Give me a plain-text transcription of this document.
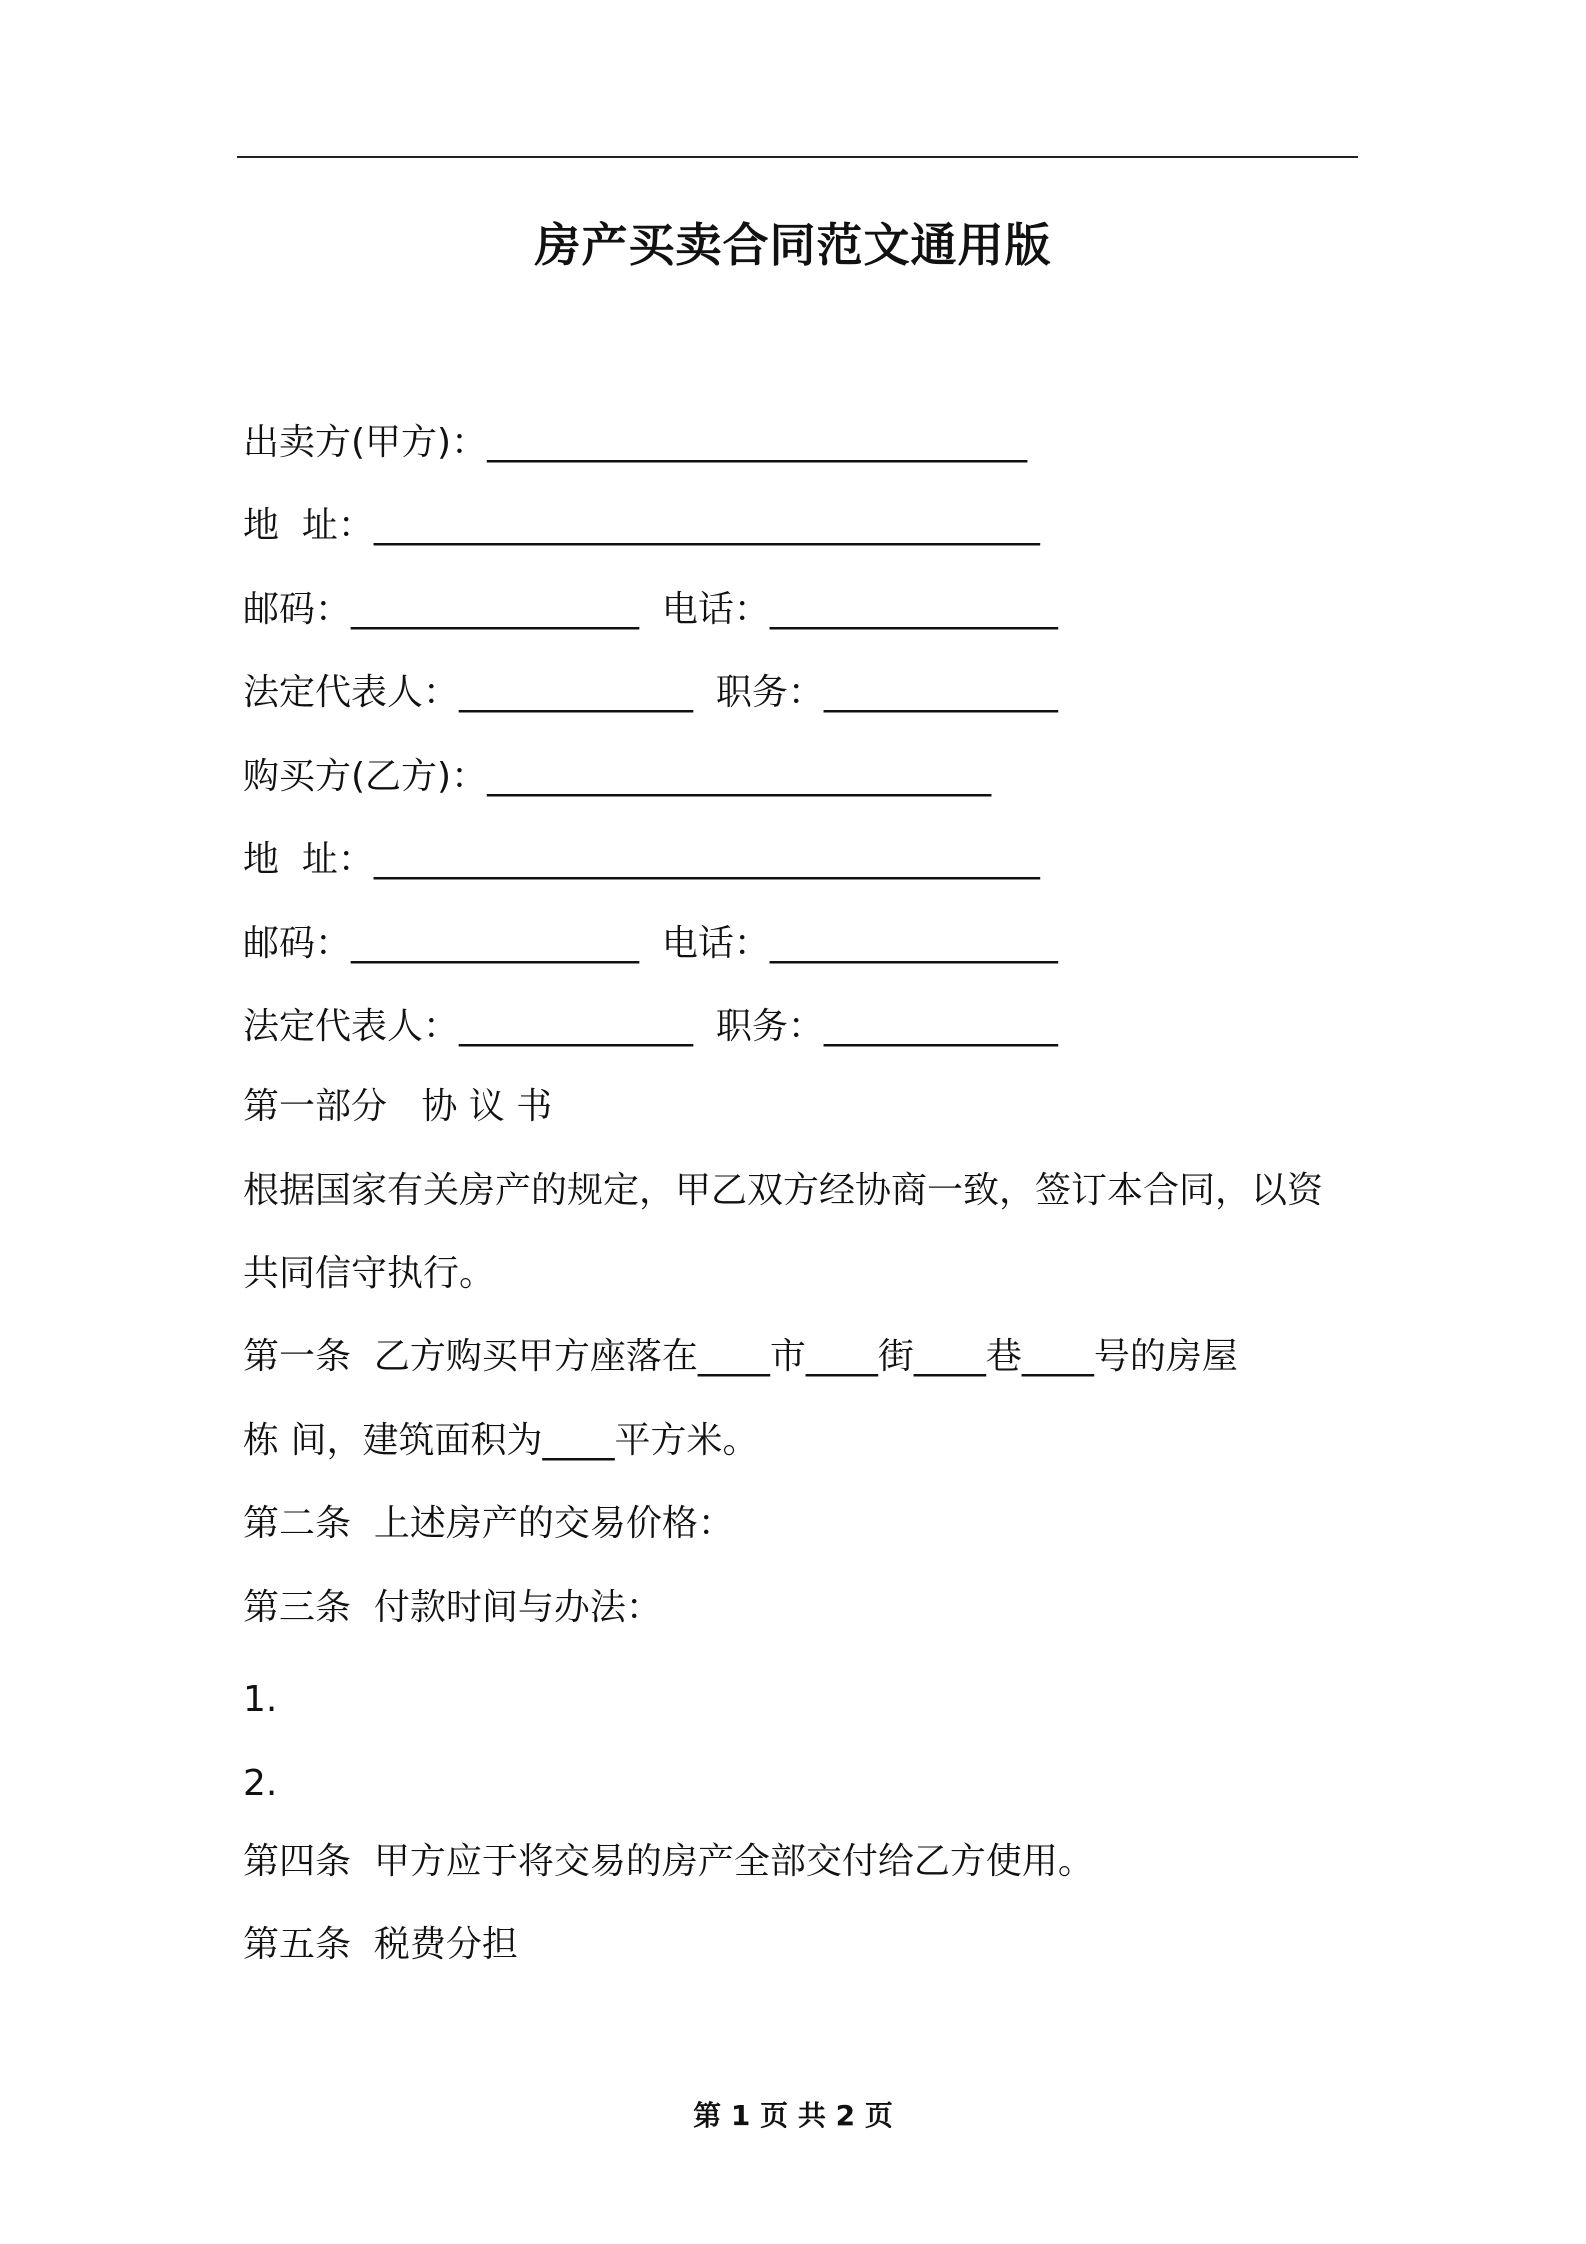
房产买卖合同范文通用版
出卖方(甲方)：______________________________
地  址：_____________________________________
邮码：________________  电话：________________
法定代表人：_____________  职务：_____________
购买方(乙方)：____________________________
地  址：_____________________________________
邮码：________________  电话：________________
法定代表人：_____________  职务：_____________
第一部分   协 议 书
根据国家有关房产的规定，甲乙双方经协商一致，签订本合同，以资
共同信守执行。
第一条  乙方购买甲方座落在____市____街____巷____号的房屋
栋 间，建筑面积为____平方米。
第二条  上述房产的交易价格：
第三条  付款时间与办法：
1.
2.
第四条  甲方应于将交易的房产全部交付给乙方使用。
第五条  税费分担
第 1 页 共 2 页
